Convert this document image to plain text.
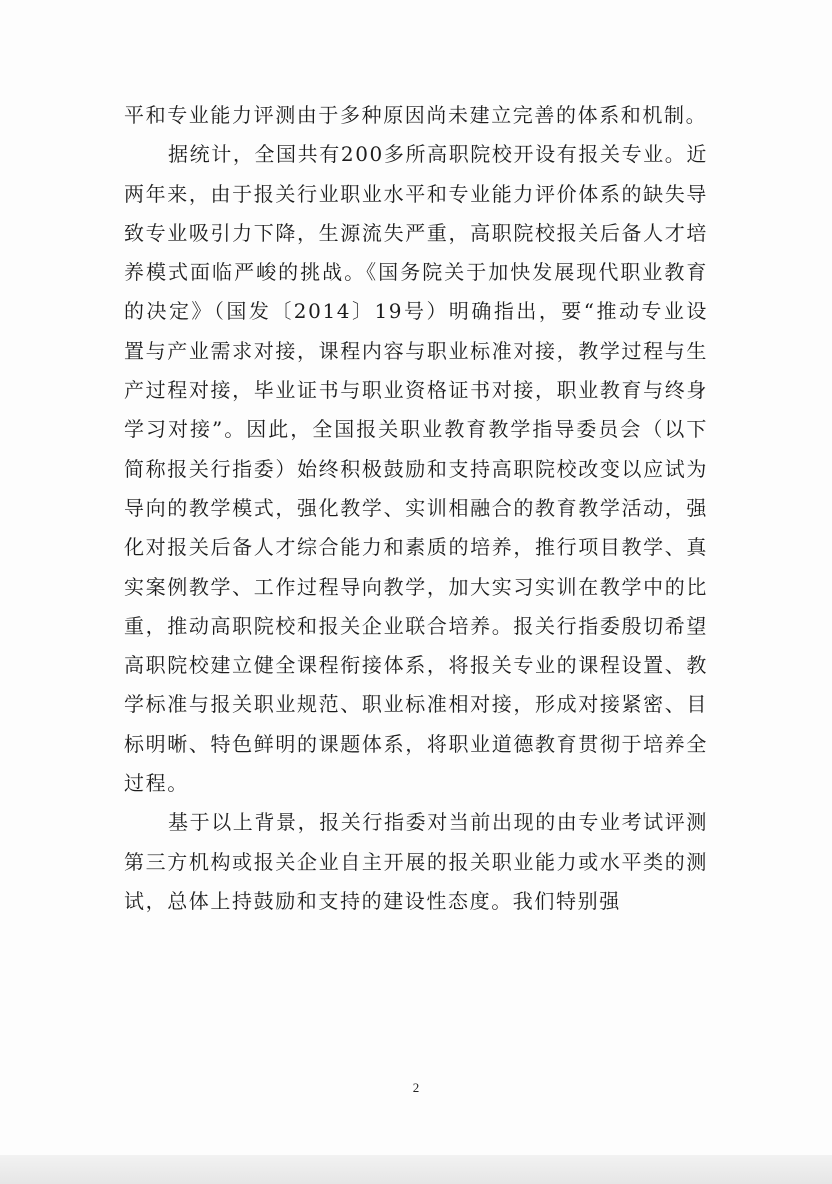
平和专业能力评测由于多种原因尚未建立完善的体系和机制。

据统计，全国共有200多所高职院校开设有报关专业。近两年来，由于报关行业职业水平和专业能力评价体系的缺失导致专业吸引力下降，生源流失严重，高职院校报关后备人才培养模式面临严峻的挑战。《国务院关于加快发展现代职业教育的决定》（国发〔2014〕19号）明确指出，要“推动专业设置与产业需求对接，课程内容与职业标准对接，教学过程与生产过程对接，毕业证书与职业资格证书对接，职业教育与终身学习对接”。因此，全国报关职业教育教学指导委员会（以下简称报关行指委）始终积极鼓励和支持高职院校改变以应试为导向的教学模式，强化教学、实训相融合的教育教学活动，强化对报关后备人才综合能力和素质的培养，推行项目教学、真实案例教学、工作过程导向教学，加大实习实训在教学中的比重，推动高职院校和报关企业联合培养。报关行指委殷切希望高职院校建立健全课程衔接体系，将报关专业的课程设置、教学标准与报关职业规范、职业标准相对接，形成对接紧密、目标明晰、特色鲜明的课题体系，将职业道德教育贯彻于培养全过程。

基于以上背景，报关行指委对当前出现的由专业考试评测第三方机构或报关企业自主开展的报关职业能力或水平类的测试，总体上持鼓励和支持的建设性态度。我们特别强

2
